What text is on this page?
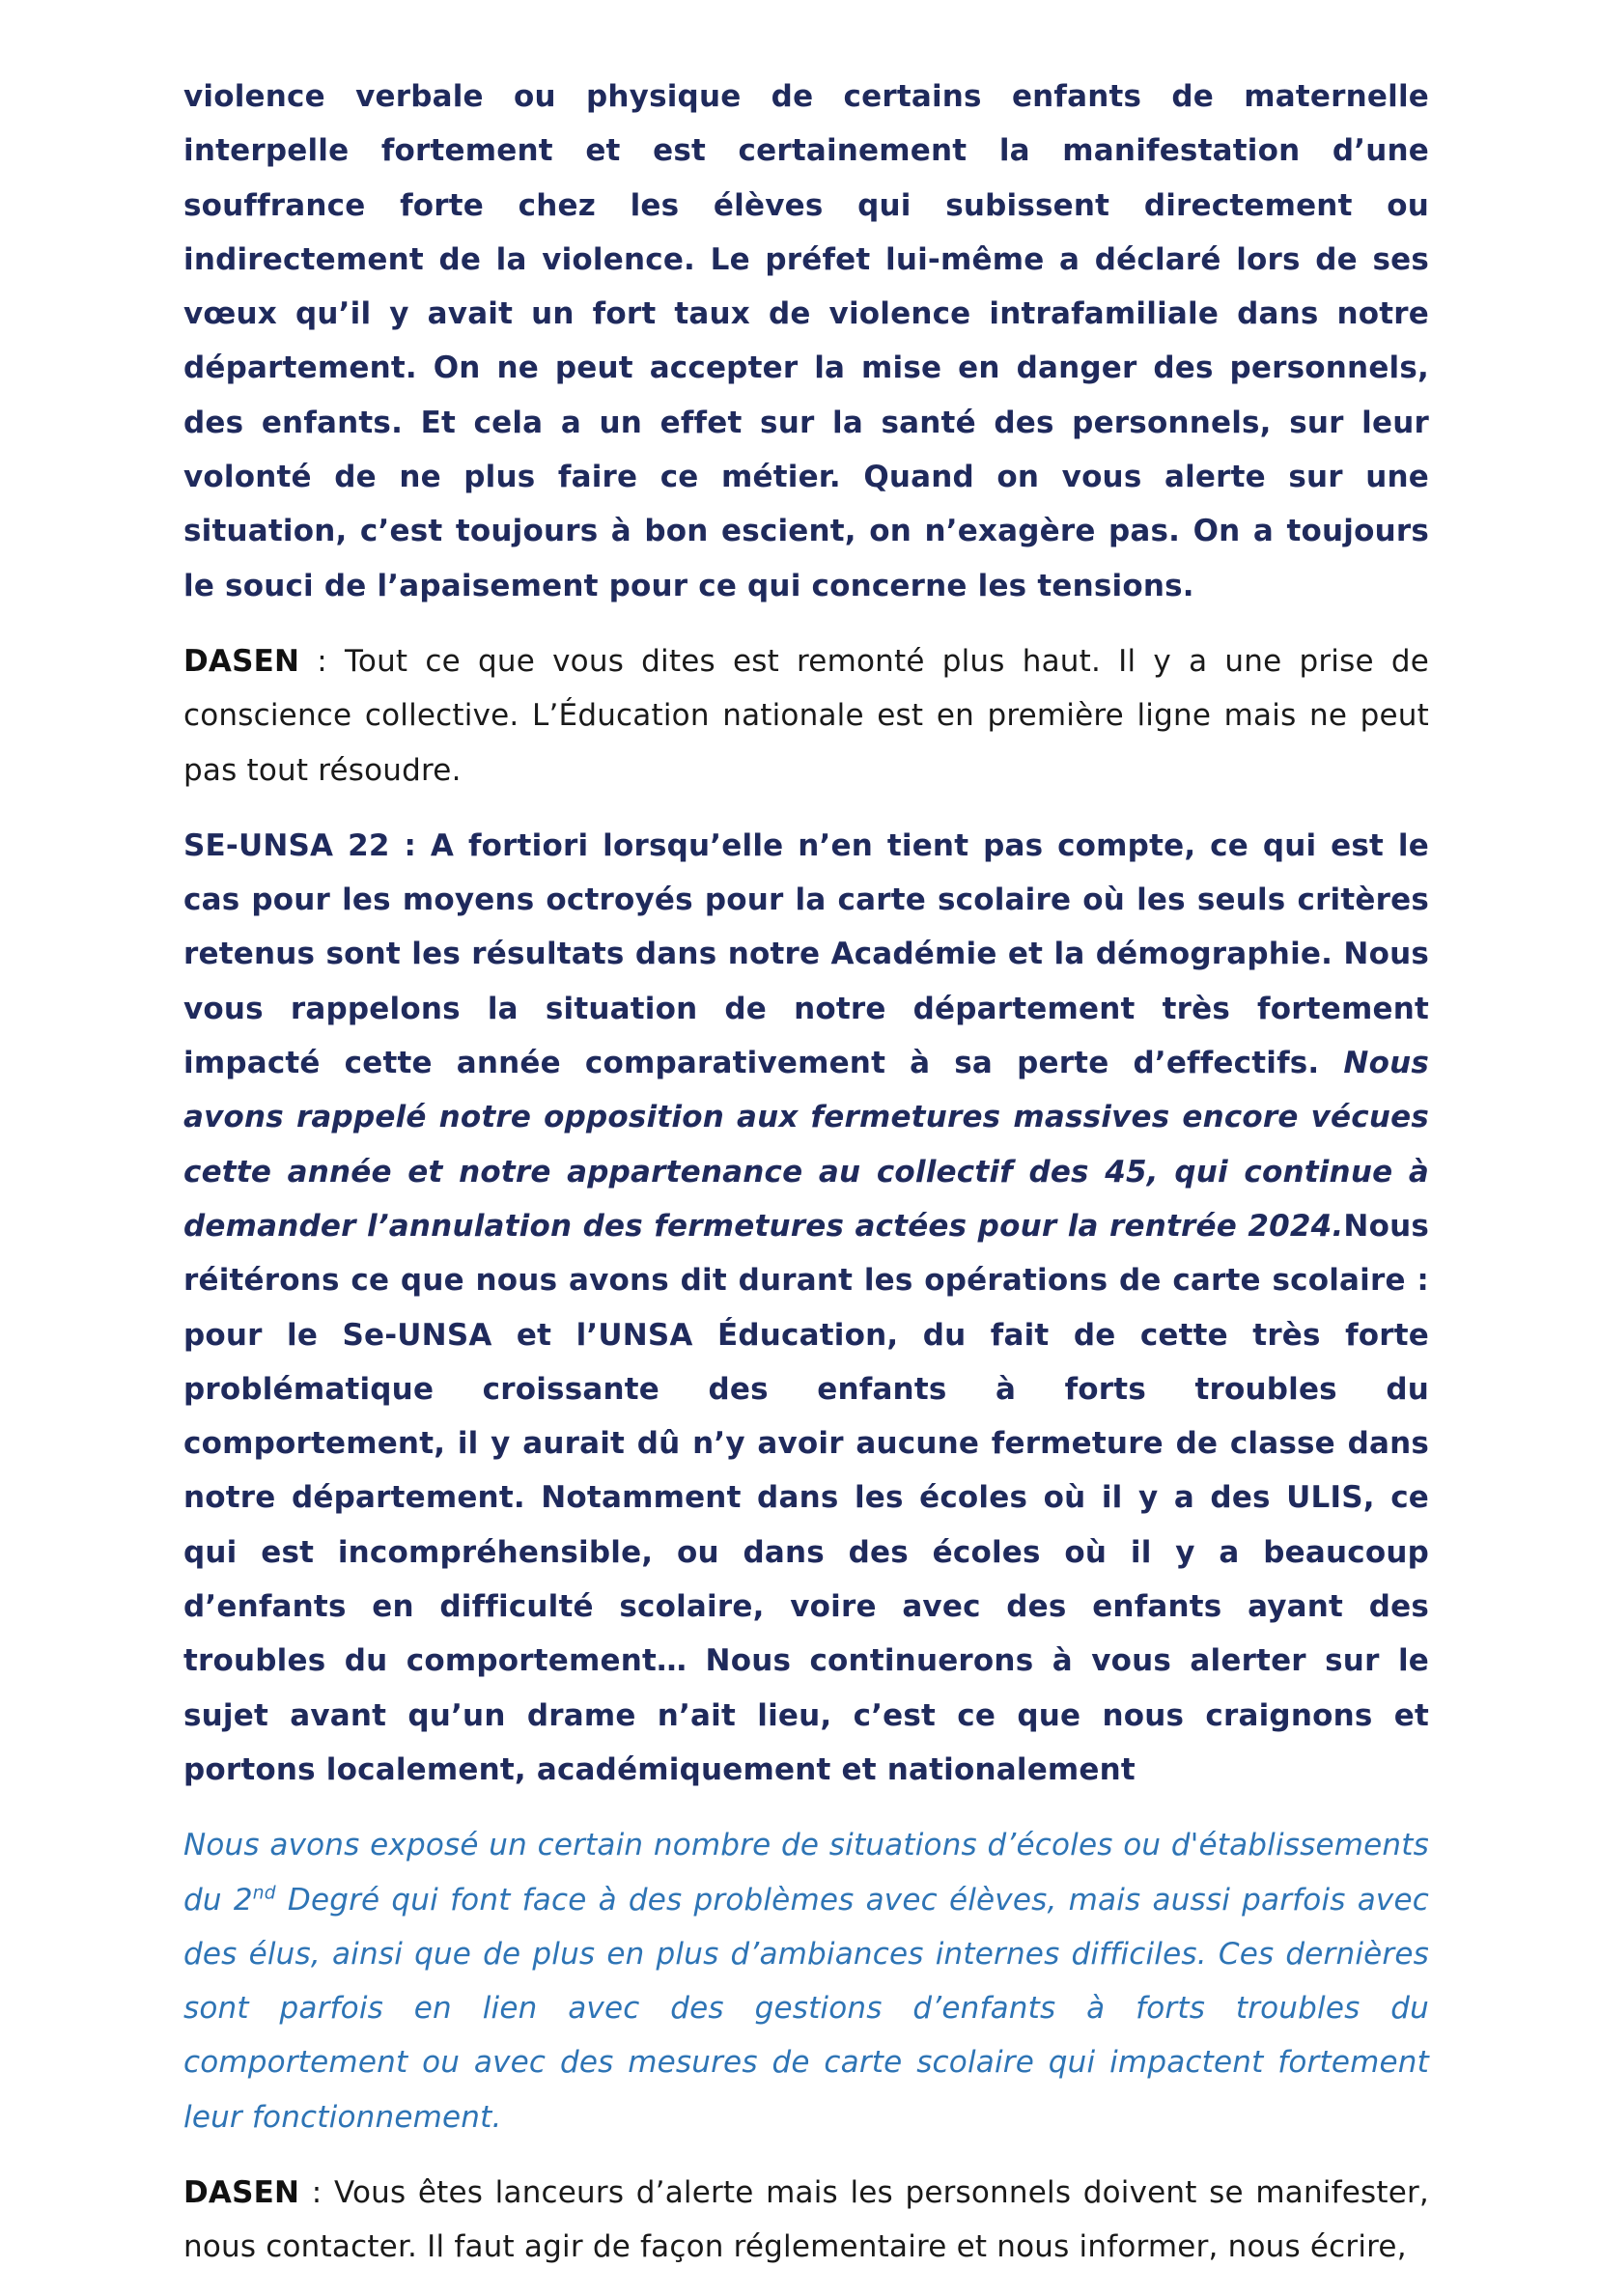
violence verbale ou physique de certains enfants de maternelle interpelle fortement et est certainement la manifestation d’une souffrance forte chez les élèves qui subissent directement ou indirectement de la violence. Le préfet lui-même a déclaré lors de ses vœux qu’il y avait un fort taux de violence intrafamiliale dans notre département. On ne peut accepter la mise en danger des personnels, des enfants. Et cela a un effet sur la santé des personnels, sur leur volonté de ne plus faire ce métier. Quand on vous alerte sur une situation, c’est toujours à bon escient, on n’exagère pas. On a toujours le souci de l’apaisement pour ce qui concerne les tensions.

DASEN : Tout ce que vous dites est remonté plus haut. Il y a une prise de conscience collective. L’Éducation nationale est en première ligne mais ne peut pas tout résoudre.

SE-UNSA 22 : A fortiori lorsqu’elle n’en tient pas compte, ce qui est le cas pour les moyens octroyés pour la carte scolaire où les seuls critères retenus sont les résultats dans notre Académie et la démographie. Nous vous rappelons la situation de notre département très fortement impacté cette année comparativement à sa perte d’effectifs. Nous avons rappelé notre opposition aux fermetures massives encore vécues cette année et notre appartenance au collectif des 45, qui continue à demander l’annulation des fermetures actées pour la rentrée 2024.Nous réitérons ce que nous avons dit durant les opérations de carte scolaire : pour le Se-UNSA et l’UNSA Éducation, du fait de cette très forte problématique croissante des enfants à forts troubles du comportement, il y aurait dû n’y avoir aucune fermeture de classe dans notre département. Notamment dans les écoles où il y a des ULIS, ce qui est incompréhensible, ou dans des écoles où il y a beaucoup d’enfants en difficulté scolaire, voire avec des enfants ayant des troubles du comportement… Nous continuerons à vous alerter sur le sujet avant qu’un drame n’ait lieu, c’est ce que nous craignons et portons localement, académiquement et nationalement

Nous avons exposé un certain nombre de situations d’écoles ou d'établissements du 2nd Degré qui font face à des problèmes avec élèves, mais aussi parfois avec des élus, ainsi que de plus en plus d’ambiances internes difficiles. Ces dernières sont parfois en lien avec des gestions d’enfants à forts troubles du comportement ou avec des mesures de carte scolaire qui impactent fortement leur fonctionnement.

DASEN : Vous êtes lanceurs d’alerte mais les personnels doivent se manifester, nous contacter. Il faut agir de façon réglementaire et nous informer, nous écrire,
